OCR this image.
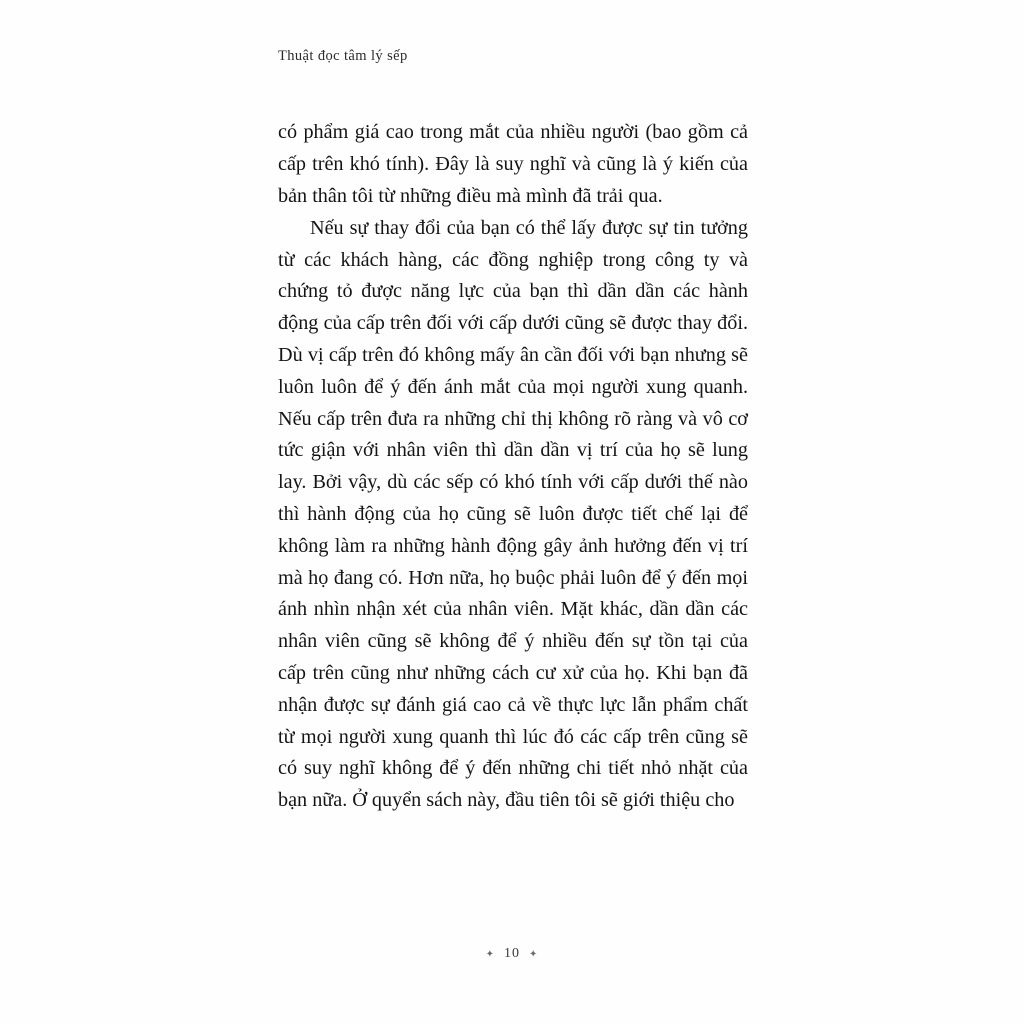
Thuật đọc tâm lý sếp

có phẩm giá cao trong mắt của nhiều người (bao gồm cả cấp trên khó tính). Đây là suy nghĩ và cũng là ý kiến của bản thân tôi từ những điều mà mình đã trải qua.

Nếu sự thay đổi của bạn có thể lấy được sự tin tưởng từ các khách hàng, các đồng nghiệp trong công ty và chứng tỏ được năng lực của bạn thì dần dần các hành động của cấp trên đối với cấp dưới cũng sẽ được thay đổi. Dù vị cấp trên đó không mấy ân cần đối với bạn nhưng sẽ luôn luôn để ý đến ánh mắt của mọi người xung quanh. Nếu cấp trên đưa ra những chỉ thị không rõ ràng và vô cơ tức giận với nhân viên thì dần dần vị trí của họ sẽ lung lay. Bởi vậy, dù các sếp có khó tính với cấp dưới thế nào thì hành động của họ cũng sẽ luôn được tiết chế lại để không làm ra những hành động gây ảnh hưởng đến vị trí mà họ đang có. Hơn nữa, họ buộc phải luôn để ý đến mọi ánh nhìn nhận xét của nhân viên. Mặt khác, dần dần các nhân viên cũng sẽ không để ý nhiều đến sự tồn tại của cấp trên cũng như những cách cư xử của họ. Khi bạn đã nhận được sự đánh giá cao cả về thực lực lẫn phẩm chất từ mọi người xung quanh thì lúc đó các cấp trên cũng sẽ có suy nghĩ không để ý đến những chi tiết nhỏ nhặt của bạn nữa. Ở quyển sách này, đầu tiên tôi sẽ giới thiệu cho

✦ 10 ✦
